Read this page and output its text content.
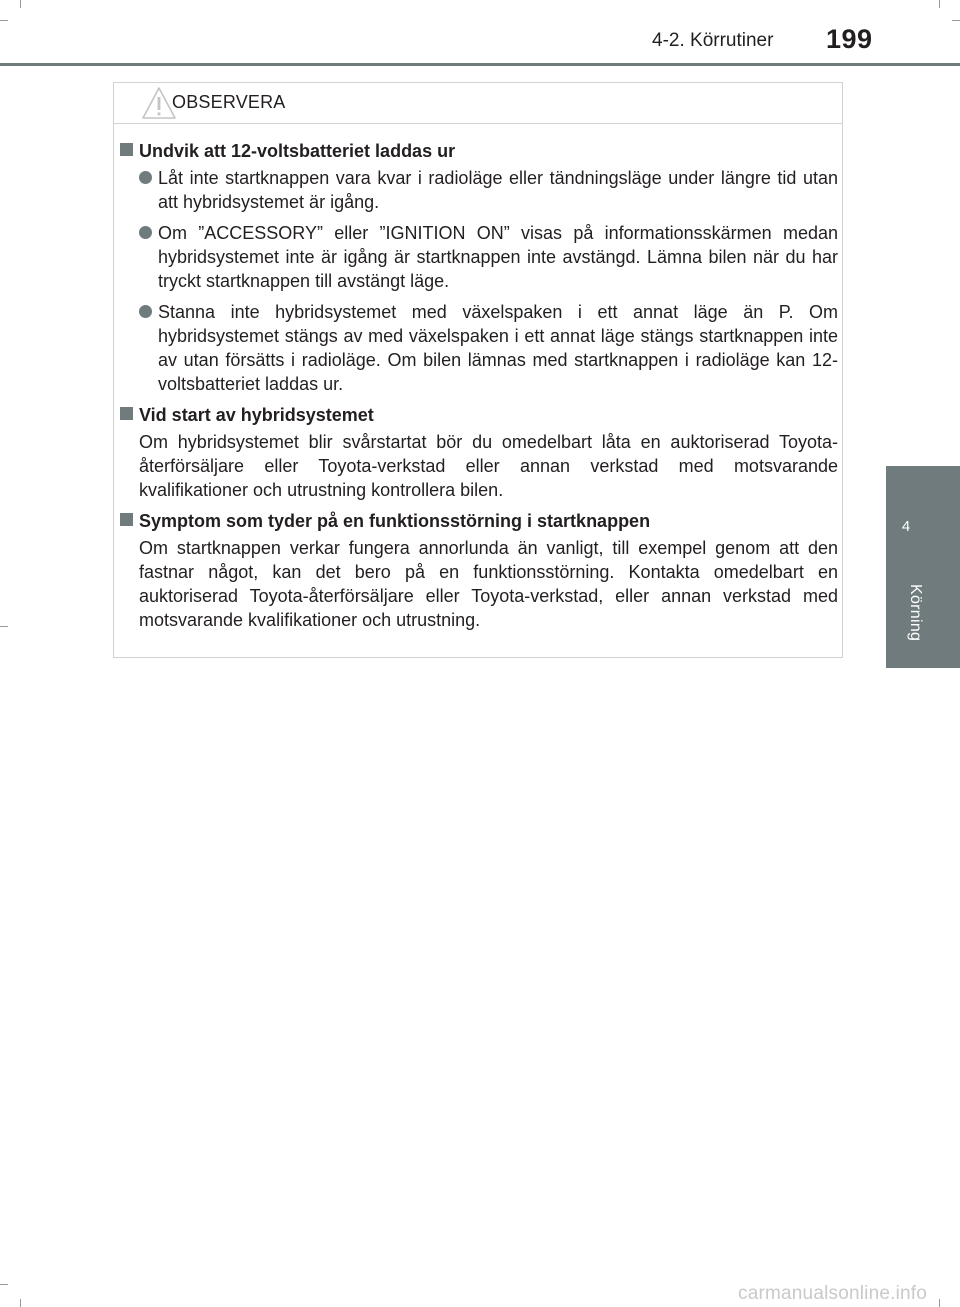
4-2. Körrutiner 199
4
Körning
OBSERVERA
Undvik att 12-voltsbatteriet laddas ur
Låt inte startknappen vara kvar i radioläge eller tändningsläge under längre tid utan att hybridsystemet är igång.
Om ”ACCESSORY” eller ”IGNITION ON” visas på informationsskärmen medan hybridsystemet inte är igång är startknappen inte avstängd. Lämna bilen när du har tryckt startknappen till avstängt läge.
Stanna inte hybridsystemet med växelspaken i ett annat läge än P. Om hybridsystemet stängs av med växelspaken i ett annat läge stängs startknappen inte av utan försätts i radioläge. Om bilen lämnas med startknappen i radioläge kan 12-voltsbatteriet laddas ur.
Vid start av hybridsystemet
Om hybridsystemet blir svårstartat bör du omedelbart låta en auktoriserad Toyota-återförsäljare eller Toyota-verkstad eller annan verkstad med motsvarande kvalifikationer och utrustning kontrollera bilen.
Symptom som tyder på en funktionsstörning i startknappen
Om startknappen verkar fungera annorlunda än vanligt, till exempel genom att den fastnar något, kan det bero på en funktionsstörning. Kontakta omedelbart en auktoriserad Toyota-återförsäljare eller Toyota-verkstad, eller annan verkstad med motsvarande kvalifikationer och utrustning.
carmanualsonline.info
